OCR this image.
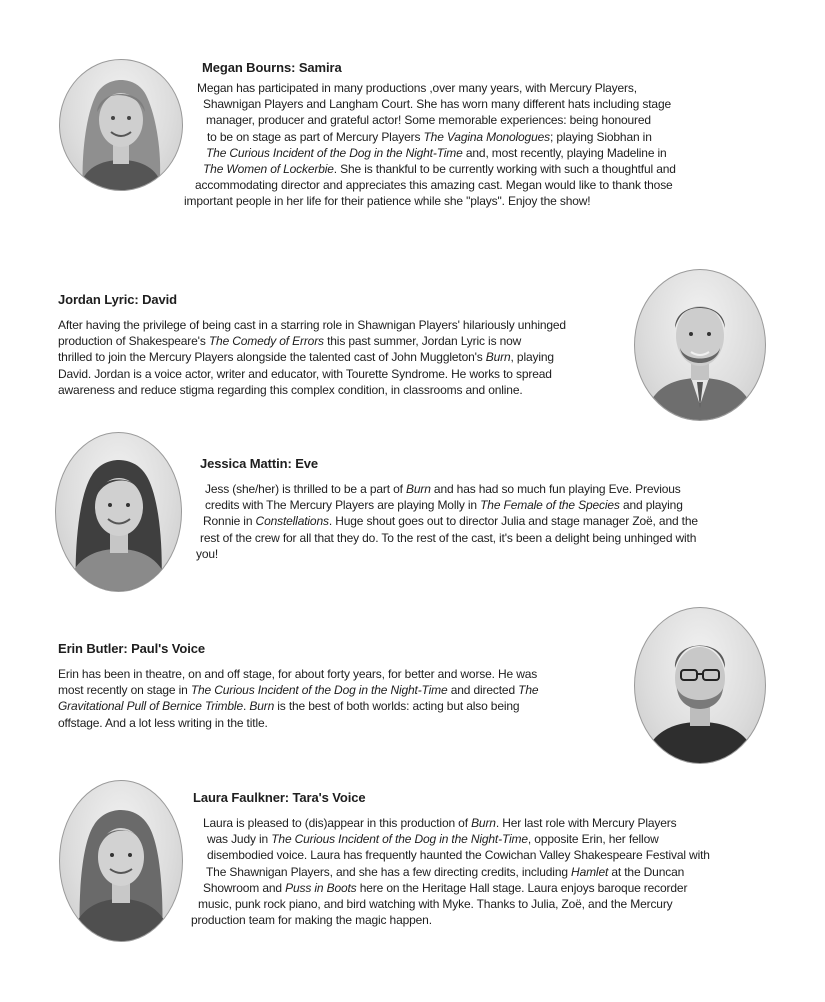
Megan Bourns: Samira
Megan has participated in many productions ,over many years, with Mercury Players,
Shawnigan Players and Langham Court. She has worn many different hats including stage
manager, producer and grateful actor! Some memorable experiences: being honoured
to be on stage as part of Mercury Players The Vagina Monologues; playing Siobhan in
The Curious Incident of the Dog in the Night-Time and, most recently, playing Madeline in
The Women of Lockerbie. She is thankful to be currently working with such a thoughtful and
accommodating director and appreciates this amazing cast. Megan would like to thank those
important people in her life for their patience while she "plays". Enjoy the show!
Jordan Lyric: David
After having the privilege of being cast in a starring role in Shawnigan Players' hilariously unhinged
production of Shakespeare's The Comedy of Errors this past summer, Jordan Lyric is now
thrilled to join the Mercury Players alongside the talented cast of John Muggleton's Burn, playing
David. Jordan is a voice actor, writer and educator, with Tourette Syndrome. He works to spread
awareness and reduce stigma regarding this complex condition, in classrooms and online.
Jessica Mattin: Eve
Jess (she/her) is thrilled to be a part of Burn and has had so much fun playing Eve. Previous
credits with The Mercury Players are playing Molly in The Female of the Species and playing
Ronnie in Constellations. Huge shout goes out to director Julia and stage manager Zoë, and the
rest of the crew for all that they do. To the rest of the cast, it's been a delight being unhinged with
you!
Erin Butler: Paul's Voice
Erin has been in theatre, on and off stage, for about forty years, for better and worse. He was
most recently on stage in The Curious Incident of the Dog in the Night-Time and directed The
Gravitational Pull of Bernice Trimble. Burn is the best of both worlds: acting but also being
offstage. And a lot less writing in the title.
Laura Faulkner: Tara's Voice
Laura is pleased to (dis)appear in this production of Burn. Her last role with Mercury Players
was Judy in The Curious Incident of the Dog in the Night-Time, opposite Erin, her fellow
disembodied voice. Laura has frequently haunted the Cowichan Valley Shakespeare Festival with
The Shawnigan Players, and she has a few directing credits, including Hamlet at the Duncan
Showroom and Puss in Boots here on the Heritage Hall stage. Laura enjoys baroque recorder
music, punk rock piano, and bird watching with Myke. Thanks to Julia, Zoë, and the Mercury
production team for making the magic happen.
